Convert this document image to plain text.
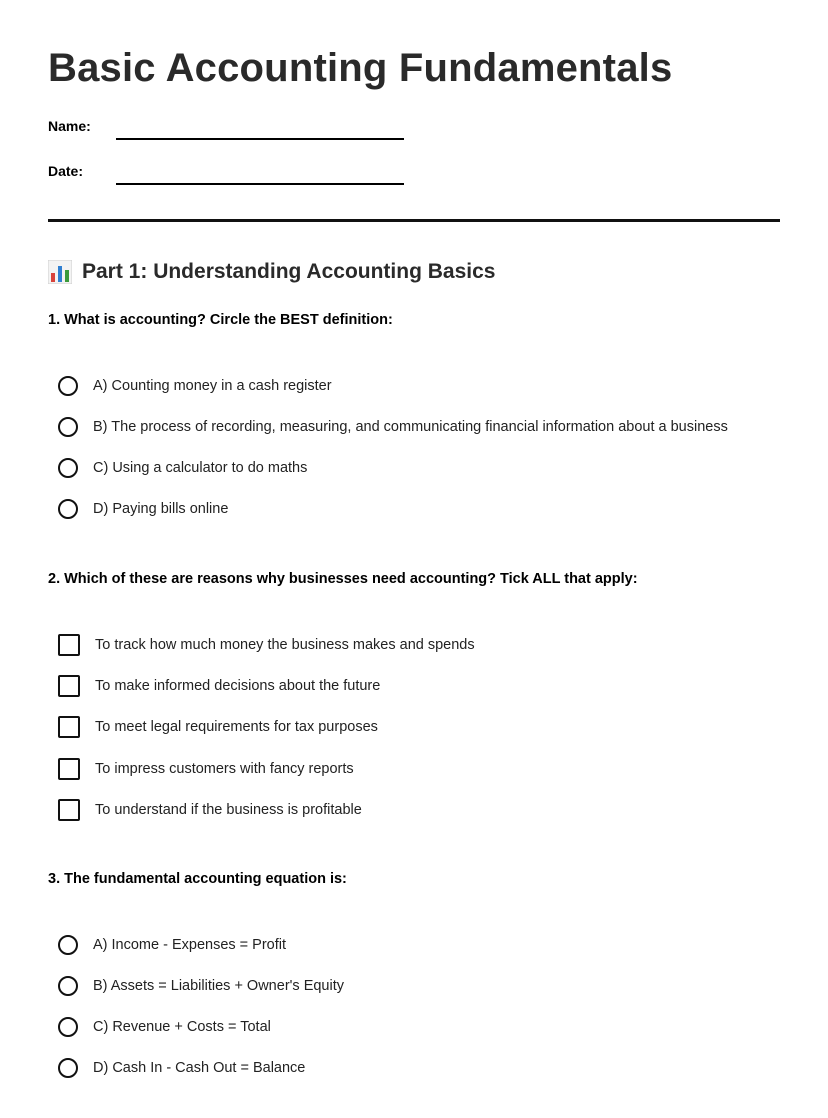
Basic Accounting Fundamentals
Name:
Date:
Part 1: Understanding Accounting Basics
1. What is accounting? Circle the BEST definition:
A) Counting money in a cash register
B) The process of recording, measuring, and communicating financial information about a business
C) Using a calculator to do maths
D) Paying bills online
2. Which of these are reasons why businesses need accounting? Tick ALL that apply:
To track how much money the business makes and spends
To make informed decisions about the future
To meet legal requirements for tax purposes
To impress customers with fancy reports
To understand if the business is profitable
3. The fundamental accounting equation is:
A) Income - Expenses = Profit
B) Assets = Liabilities + Owner's Equity
C) Revenue + Costs = Total
D) Cash In - Cash Out = Balance
